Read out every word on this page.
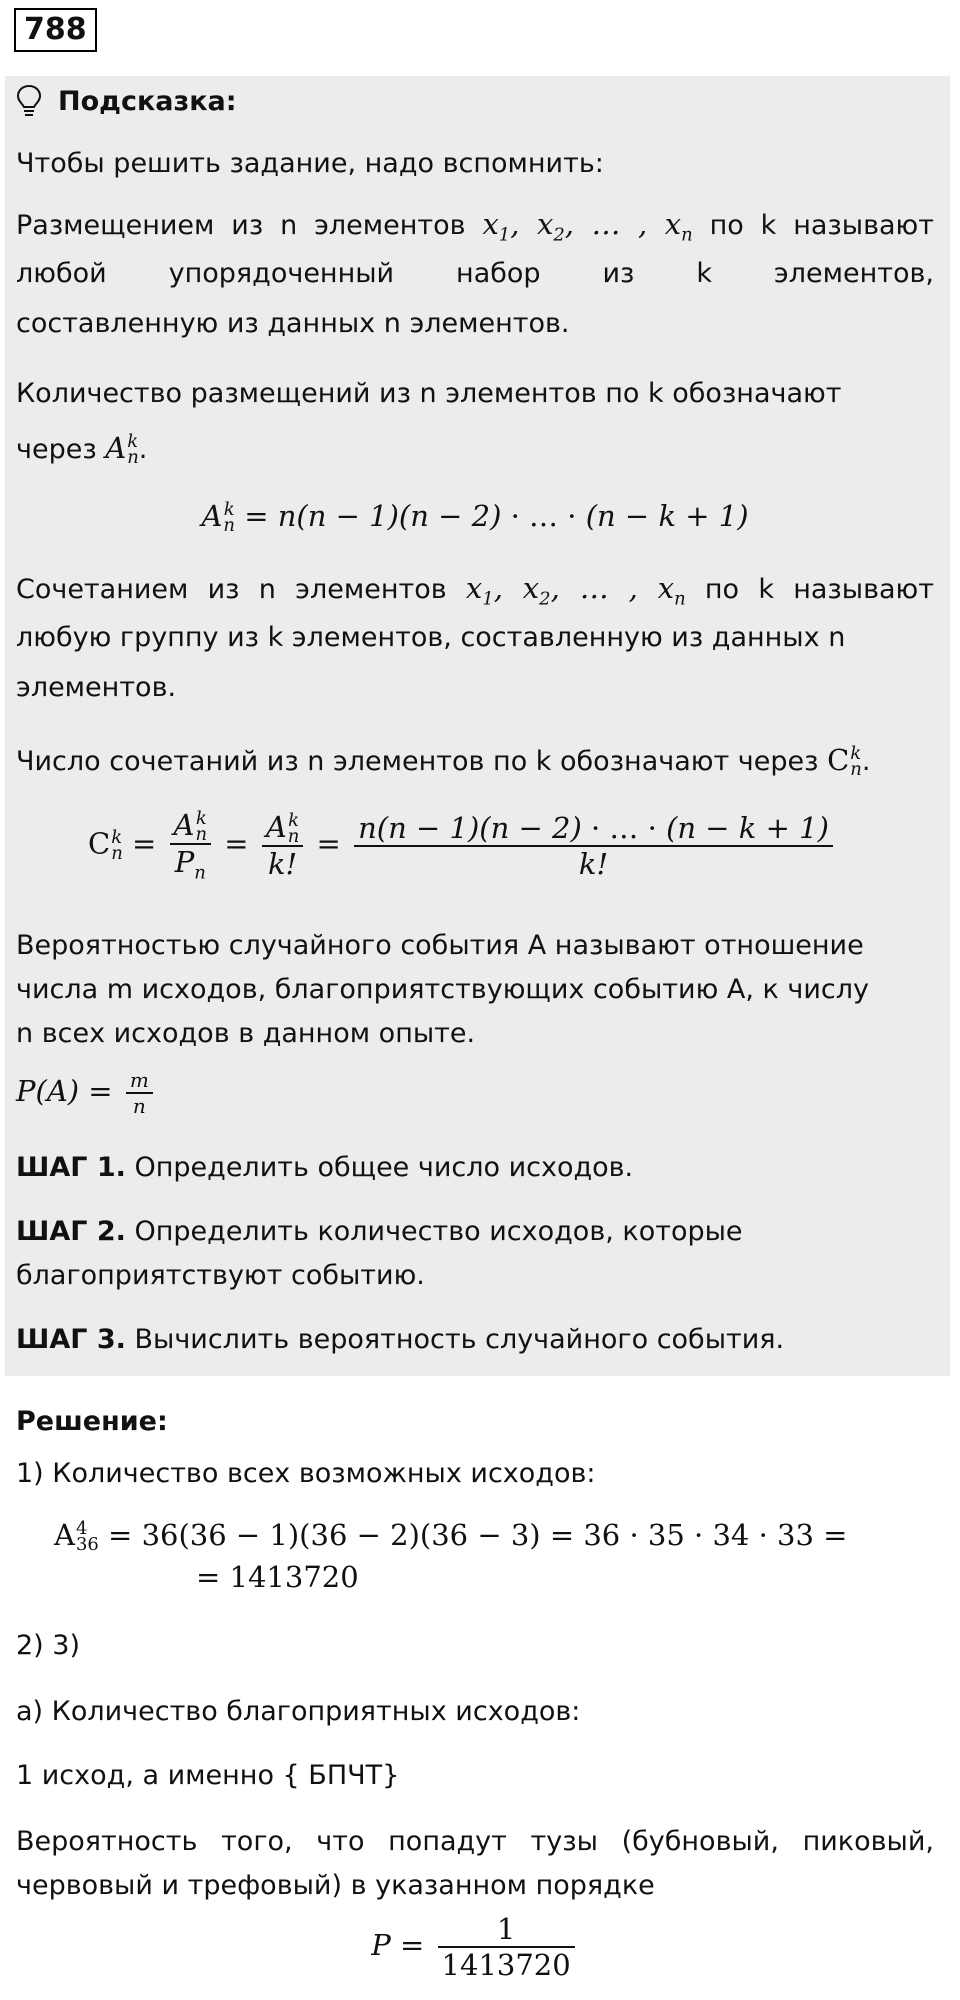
788
Подсказка:
Чтобы решить задание, надо вспомнить:
Размещением из n элементов $x_1$, $x_2$, … , $x_n$ по k называют
любой упорядоченный набор из k элементов,
составленную из данных n элементов.
Количество размещений из n элементов по k обозначают
через A k
n .
A k
n = n(n − 1)(n − 2) · … · (n − k + 1)
Сочетанием из n элементов $x_1$, $x_2$, … , $x_n$ по k называют
любую группу из k элементов, составленную из данных n
элементов.
Число сочетаний из n элементов по k обозначают через C k
n .
C k
n = A k
n
$P_n = A$ k
n
k! = $\frac{n(n - 1)(n - 2) \cdot \dots \cdot (n - k + 1)}{k!}$
Вероятностью случайного события А называют отношение
числа m исходов, благоприятствующих событию А, к числу
n всех исходов в данном опыте.
$P(A) = \frac{m}{n}$
ШАГ 1. Определить общее число исходов.
ШАГ 2. Определить количество исходов, которые
благоприятствуют событию.
ШАГ 3. Вычислить вероятность случайного события.
Решение:
1) Количество всех возможных исходов:
A 4
36 = 36(36 − 1)(36 − 2)(36 − 3) = 36 · 35 · 34 · 33 =
= 1413720
2) 3)
а) Количество благоприятных исходов:
1 исход, а именно { БПЧТ}
Вероятность того, что попадут тузы (бубновый, пиковый,
червовый и трефовый) в указанном порядке
$P = \frac{1}{1413720}$
